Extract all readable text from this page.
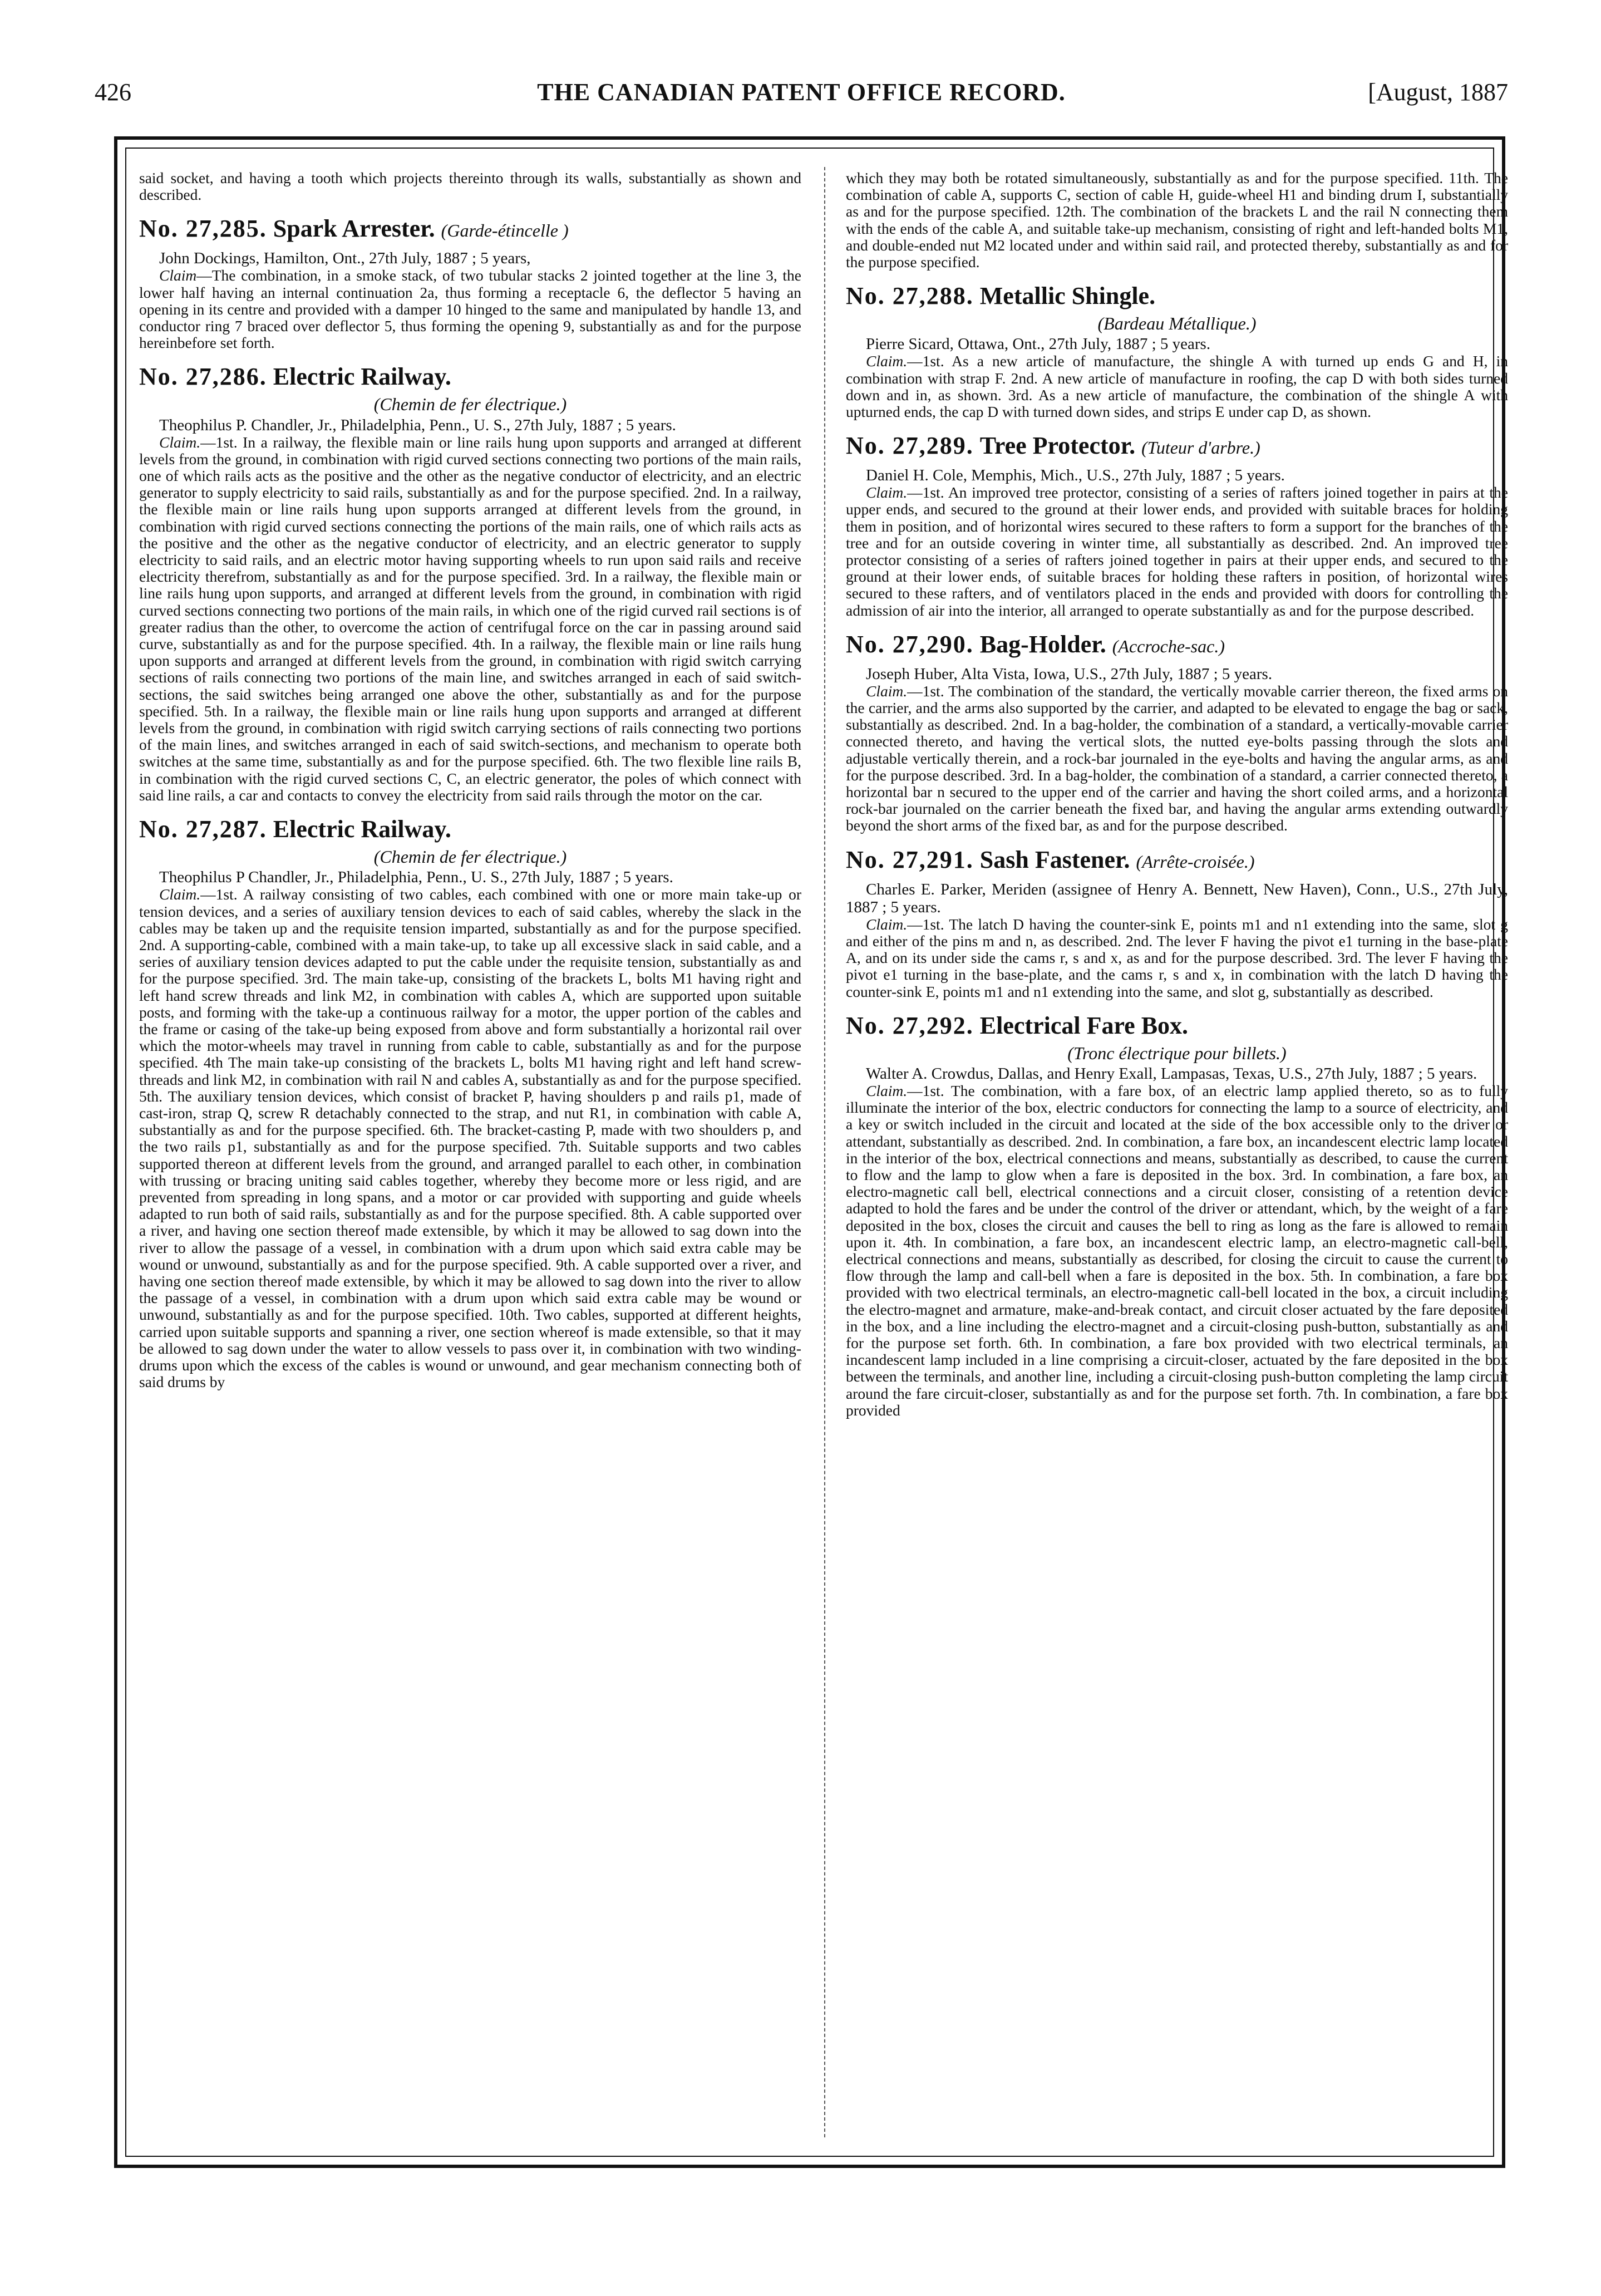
426	THE CANADIAN PATENT OFFICE RECORD.	[August, 1887

said socket, and having a tooth which projects thereinto through its walls, substantially as shown and described.

No. 27,285. Spark Arrester. (Garde-étincelle )

John Dockings, Hamilton, Ont., 27th July, 1887 ; 5 years,

Claim—The combination, in a smoke stack, of two tubular stacks 2 jointed together at the line 3, the lower half having an internal continuation 2a, thus forming a receptacle 6, the deflector 5 having an opening in its centre and provided with a damper 10 hinged to the same and manipulated by handle 13, and conductor ring 7 braced over deflector 5, thus forming the opening 9, substantially as and for the purpose hereinbefore set forth.

No. 27,286. Electric Railway.
(Chemin de fer électrique.)

Theophilus P. Chandler, Jr., Philadelphia, Penn., U. S., 27th July, 1887 ; 5 years.

Claim.—1st. In a railway, the flexible main or line rails hung upon supports and arranged at different levels from the ground, in combination with rigid curved sections connecting two portions of the main rails, one of which rails acts as the positive and the other as the negative conductor of electricity, and an electric generator to supply electricity to said rails, substantially as and for the purpose specified. 2nd. In a railway, the flexible main or line rails hung upon supports arranged at different levels from the ground, in combination with rigid curved sections connecting the portions of the main rails, one of which rails acts as the positive and the other as the negative conductor of electricity, and an electric generator to supply electricity to said rails, and an electric motor having supporting wheels to run upon said rails and receive electricity therefrom, substantially as and for the purpose specified. 3rd. In a railway, the flexible main or line rails hung upon supports, and arranged at different levels from the ground, in combination with rigid curved sections connecting two portions of the main rails, in which one of the rigid curved rail sections is of greater radius than the other, to overcome the action of centrifugal force on the car in passing around said curve, substantially as and for the purpose specified. 4th. In a railway, the flexible main or line rails hung upon supports and arranged at different levels from the ground, in combination with rigid switch carrying sections of rails connecting two portions of the main line, and switches arranged in each of said switch-sections, the said switches being arranged one above the other, substantially as and for the purpose specified. 5th. In a railway, the flexible main or line rails hung upon supports and arranged at different levels from the ground, in combination with rigid switch carrying sections of rails connecting two portions of the main lines, and switches arranged in each of said switch-sections, and mechanism to operate both switches at the same time, substantially as and for the purpose specified. 6th. The two flexible line rails B, in combination with the rigid curved sections C, C, an electric generator, the poles of which connect with said line rails, a car and contacts to convey the electricity from said rails through the motor on the car.

No. 27,287. Electric Railway.
(Chemin de fer électrique.)

Theophilus P Chandler, Jr., Philadelphia, Penn., U. S., 27th July, 1887 ; 5 years.

Claim.—1st. A railway consisting of two cables, each combined with one or more main take-up or tension devices, and a series of auxiliary tension devices to each of said cables, whereby the slack in the cables may be taken up and the requisite tension imparted, substantially as and for the purpose specified. 2nd. A supporting-cable, combined with a main take-up, to take up all excessive slack in said cable, and a series of auxiliary tension devices adapted to put the cable under the requisite tension, substantially as and for the purpose specified. 3rd. The main take-up, consisting of the brackets L, bolts M1 having right and left hand screw threads and link M2, in combination with cables A, which are supported upon suitable posts, and forming with the take-up a continuous railway for a motor, the upper portion of the cables and the frame or casing of the take-up being exposed from above and form substantially a horizontal rail over which the motor-wheels may travel in running from cable to cable, substantially as and for the purpose specified. 4th The main take-up consisting of the brackets L, bolts M1 having right and left hand screw-threads and link M2, in combination with rail N and cables A, substantially as and for the purpose specified. 5th. The auxiliary tension devices, which consist of bracket P, having shoulders p and rails p1, made of cast-iron, strap Q, screw R detachably connected to the strap, and nut R1, in combination with cable A, substantially as and for the purpose specified. 6th. The bracket-casting P, made with two shoulders p, and the two rails p1, substantially as and for the purpose specified. 7th. Suitable supports and two cables supported thereon at different levels from the ground, and arranged parallel to each other, in combination with trussing or bracing uniting said cables together, whereby they become more or less rigid, and are prevented from spreading in long spans, and a motor or car provided with supporting and guide wheels adapted to run both of said rails, substantially as and for the purpose specified. 8th. A cable supported over a river, and having one section thereof made extensible, by which it may be allowed to sag down into the river to allow the passage of a vessel, in combination with a drum upon which said extra cable may be wound or unwound, substantially as and for the purpose specified. 9th. A cable supported over a river, and having one section thereof made extensible, by which it may be allowed to sag down into the river to allow the passage of a vessel, in combination with a drum upon which said extra cable may be wound or unwound, substantially as and for the purpose specified. 10th. Two cables, supported at different heights, carried upon suitable supports and spanning a river, one section whereof is made extensible, so that it may be allowed to sag down under the water to allow vessels to pass over it, in combination with two winding-drums upon which the excess of the cables is wound or unwound, and gear mechanism connecting both of said drums by

which they may both be rotated simultaneously, substantially as and for the purpose specified. 11th. The combination of cable A, supports C, section of cable H, guide-wheel H1 and binding drum I, substantially as and for the purpose specified. 12th. The combination of the brackets L and the rail N connecting them with the ends of the cable A, and suitable take-up mechanism, consisting of right and left-handed bolts M1, and double-ended nut M2 located under and within said rail, and protected thereby, substantially as and for the purpose specified.

No. 27,288. Metallic Shingle.
(Bardeau Métallique.)

Pierre Sicard, Ottawa, Ont., 27th July, 1887 ; 5 years.

Claim.—1st. As a new article of manufacture, the shingle A with turned up ends G and H, in combination with strap F. 2nd. A new article of manufacture in roofing, the cap D with both sides turned down and in, as shown. 3rd. As a new article of manufacture, the combination of the shingle A with upturned ends, the cap D with turned down sides, and strips E under cap D, as shown.

No. 27,289. Tree Protector. (Tuteur d'arbre.)

Daniel H. Cole, Memphis, Mich., U.S., 27th July, 1887 ; 5 years.

Claim.—1st. An improved tree protector, consisting of a series of rafters joined together in pairs at the upper ends, and secured to the ground at their lower ends, and provided with suitable braces for holding them in position, and of horizontal wires secured to these rafters to form a support for the branches of the tree and for an outside covering in winter time, all substantially as described. 2nd. An improved tree protector consisting of a series of rafters joined together in pairs at their upper ends, and secured to the ground at their lower ends, of suitable braces for holding these rafters in position, of horizontal wires secured to these rafters, and of ventilators placed in the ends and provided with doors for controlling the admission of air into the interior, all arranged to operate substantially as and for the purpose described.

No. 27,290. Bag-Holder. (Accroche-sac.)

Joseph Huber, Alta Vista, Iowa, U.S., 27th July, 1887 ; 5 years.

Claim.—1st. The combination of the standard, the vertically movable carrier thereon, the fixed arms on the carrier, and the arms also supported by the carrier, and adapted to be elevated to engage the bag or sack, substantially as described. 2nd. In a bag-holder, the combination of a standard, a vertically-movable carrier connected thereto, and having the vertical slots, the nutted eye-bolts passing through the slots and adjustable vertically therein, and a rock-bar journaled in the eye-bolts and having the angular arms, as and for the purpose described. 3rd. In a bag-holder, the combination of a standard, a carrier connected thereto, a horizontal bar n secured to the upper end of the carrier and having the short coiled arms, and a horizontal rock-bar journaled on the carrier beneath the fixed bar, and having the angular arms extending outwardly beyond the short arms of the fixed bar, as and for the purpose described.

No. 27,291. Sash Fastener. (Arrête-croisée.)

Charles E. Parker, Meriden (assignee of Henry A. Bennett, New Haven), Conn., U.S., 27th July, 1887 ; 5 years.

Claim.—1st. The latch D having the counter-sink E, points m1 and n1 extending into the same, slot g and either of the pins m and n, as described. 2nd. The lever F having the pivot e1 turning in the base-plate A, and on its under side the cams r, s and x, as and for the purpose described. 3rd. The lever F having the pivot e1 turning in the base-plate, and the cams r, s and x, in combination with the latch D having the counter-sink E, points m1 and n1 extending into the same, and slot g, substantially as described.

No. 27,292. Electrical Fare Box.
(Tronc électrique pour billets.)

Walter A. Crowdus, Dallas, and Henry Exall, Lampasas, Texas, U.S., 27th July, 1887 ; 5 years.

Claim.—1st. The combination, with a fare box, of an electric lamp applied thereto, so as to fully illuminate the interior of the box, electric conductors for connecting the lamp to a source of electricity, and a key or switch included in the circuit and located at the side of the box accessible only to the driver or attendant, substantially as described. 2nd. In combination, a fare box, an incandescent electric lamp located in the interior of the box, electrical connections and means, substantially as described, to cause the current to flow and the lamp to glow when a fare is deposited in the box. 3rd. In combination, a fare box, an electro-magnetic call bell, electrical connections and a circuit closer, consisting of a retention device adapted to hold the fares and be under the control of the driver or attendant, which, by the weight of a fare deposited in the box, closes the circuit and causes the bell to ring as long as the fare is allowed to remain upon it. 4th. In combination, a fare box, an incandescent electric lamp, an electro-magnetic call-bell, electrical connections and means, substantially as described, for closing the circuit to cause the current to flow through the lamp and call-bell when a fare is deposited in the box. 5th. In combination, a fare box provided with two electrical terminals, an electro-magnetic call-bell located in the box, a circuit including the electro-magnet and armature, make-and-break contact, and circuit closer actuated by the fare deposited in the box, and a line including the electro-magnet and a circuit-closing push-button, substantially as and for the purpose set forth. 6th. In combination, a fare box provided with two electrical terminals, an incandescent lamp included in a line comprising a circuit-closer, actuated by the fare deposited in the box between the terminals, and another line, including a circuit-closing push-button completing the lamp circuit around the fare circuit-closer, substantially as and for the purpose set forth. 7th. In combination, a fare box provided
